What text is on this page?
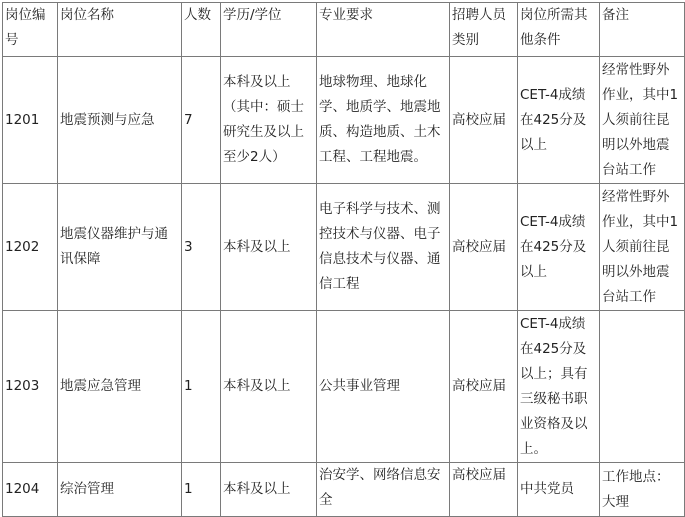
岗位编号	岗位名称	人数	学历/学位	专业要求	招聘人员类别	岗位所需其他条件	备注
1201	地震预测与应急	7	本科及以上（其中：硕士研究生及以上至少2人）	地球物理、地球化学、地质学、地震地质、构造地质、土木工程、工程地震。	高校应届	CET-4成绩在425分及以上	经常性野外作业，其中1人须前往昆明以外地震台站工作
1202	地震仪器维护与通讯保障	3	本科及以上	电子科学与技术、测控技术与仪器、电子信息技术与仪器、通信工程	高校应届	CET-4成绩在425分及以上	经常性野外作业，其中1人须前往昆明以外地震台站工作
1203	地震应急管理	1	本科及以上	公共事业管理	高校应届	CET-4成绩在425分及以上；具有三级秘书职业资格及以上。	
1204	综治管理	1	本科及以上	治安学、网络信息安全	高校应届	中共党员	工作地点：大理
